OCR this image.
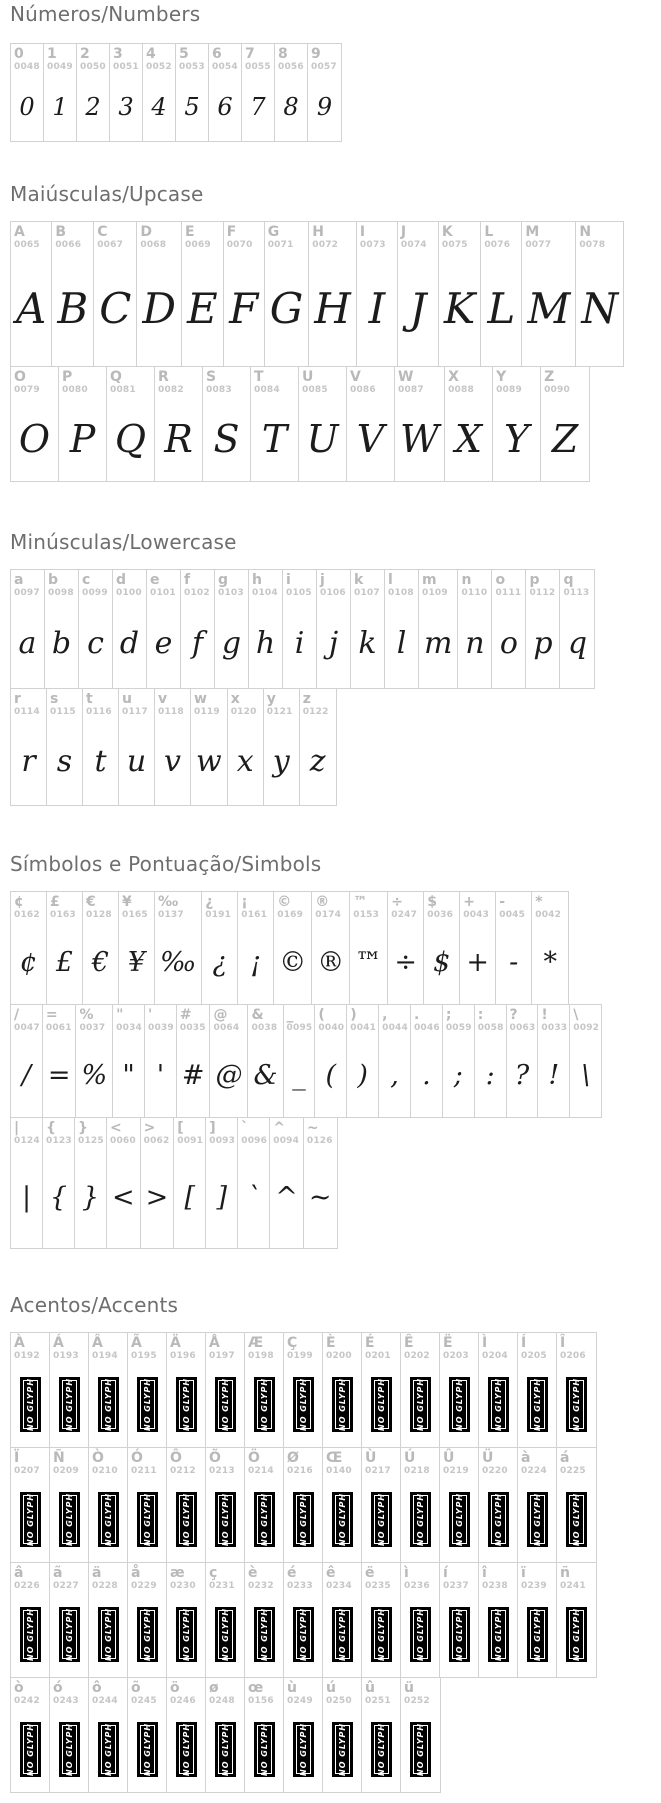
Números/Numbers
0
0048
0
1
0049
1
2
0050
2
3
0051
3
4
0052
4
5
0053
5
6
0054
6
7
0055
7
8
0056
8
9
0057
9
Maiúsculas/Upcase
A
0065
A
B
0066
B
C
0067
C
D
0068
D
E
0069
E
F
0070
F
G
0071
G
H
0072
H
I
0073
I
J
0074
J
K
0075
K
L
0076
L
M
0077
M
N
0078
N
O
0079
O
P
0080
P
Q
0081
Q
R
0082
R
S
0083
S
T
0084
T
U
0085
U
V
0086
V
W
0087
W
X
0088
X
Y
0089
Y
Z
0090
Z
Minúsculas/Lowercase
a
0097
a
b
0098
b
c
0099
c
d
0100
d
e
0101
e
f
0102
f
g
0103
g
h
0104
h
i
0105
i
j
0106
j
k
0107
k
l
0108
l
m
0109
m
n
0110
n
o
0111
o
p
0112
p
q
0113
q
r
0114
r
s
0115
s
t
0116
t
u
0117
u
v
0118
v
w
0119
w
x
0120
x
y
0121
y
z
0122
z
Símbolos e Pontuação/Simbols
¢
0162
¢
£
0163
£
€
0128
€
¥
0165
¥
‰
0137
‰
¿
0191
¿
¡
0161
¡
©
0169
©
®
0174
®
™
0153
™
÷
0247
÷
$
0036
$
+
0043
+
-
0045
-
*
0042
*
/
0047
/
=
0061
=
%
0037
%
"
0034
"
'
0039
'
#
0035
#
@
0064
@
&
0038
&
_
0095
_
(
0040
(
)
0041
)
,
0044
,
.
0046
.
;
0059
;
:
0058
:
?
0063
?
!
0033
!
\
0092
\
|
0124
|
{
0123
{
}
0125
}
<
0060
<
>
0062
>
[
0091
[
]
0093
]
`
0096
`
^
0094
^
~
0126
~
Acentos/Accents
À
0192
NO GLYPH
Á
0193
NO GLYPH
Â
0194
NO GLYPH
Ã
0195
NO GLYPH
Ä
0196
NO GLYPH
Å
0197
NO GLYPH
Æ
0198
NO GLYPH
Ç
0199
NO GLYPH
È
0200
NO GLYPH
É
0201
NO GLYPH
Ê
0202
NO GLYPH
Ë
0203
NO GLYPH
Ì
0204
NO GLYPH
Í
0205
NO GLYPH
Î
0206
NO GLYPH
Ï
0207
NO GLYPH
Ñ
0209
NO GLYPH
Ò
0210
NO GLYPH
Ó
0211
NO GLYPH
Ô
0212
NO GLYPH
Õ
0213
NO GLYPH
Ö
0214
NO GLYPH
Ø
0216
NO GLYPH
Œ
0140
NO GLYPH
Ù
0217
NO GLYPH
Ú
0218
NO GLYPH
Û
0219
NO GLYPH
Ü
0220
NO GLYPH
à
0224
NO GLYPH
á
0225
NO GLYPH
â
0226
NO GLYPH
ã
0227
NO GLYPH
ä
0228
NO GLYPH
å
0229
NO GLYPH
æ
0230
NO GLYPH
ç
0231
NO GLYPH
è
0232
NO GLYPH
é
0233
NO GLYPH
ê
0234
NO GLYPH
ë
0235
NO GLYPH
ì
0236
NO GLYPH
í
0237
NO GLYPH
î
0238
NO GLYPH
ï
0239
NO GLYPH
ñ
0241
NO GLYPH
ò
0242
NO GLYPH
ó
0243
NO GLYPH
ô
0244
NO GLYPH
õ
0245
NO GLYPH
ö
0246
NO GLYPH
ø
0248
NO GLYPH
œ
0156
NO GLYPH
ù
0249
NO GLYPH
ú
0250
NO GLYPH
û
0251
NO GLYPH
ü
0252
NO GLYPH
